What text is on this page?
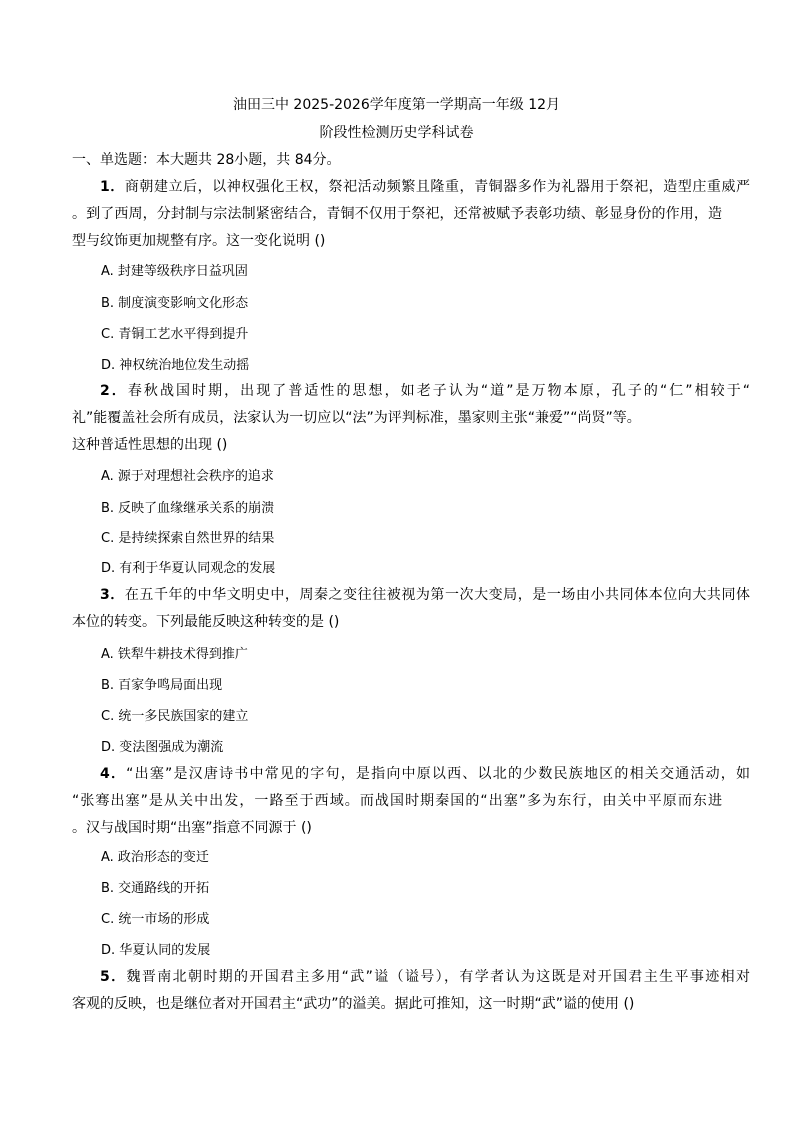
油田三中 2025-2026学年度第一学期高一年级 12月
阶段性检测历史学科试卷
一、单选题：本大题共 28小题，共 84分。
1．商朝建立后，以神权强化王权，祭祀活动频繁且隆重，青铜器多作为礼器用于祭祀，造型庄重威严
。到了西周，分封制与宗法制紧密结合，青铜不仅用于祭祀，还常被赋予表彰功绩、彰显身份的作用，造
型与纹饰更加规整有序。这一变化说明 ()
A. 封建等级秩序日益巩固
B. 制度演变影响文化形态
C. 青铜工艺水平得到提升
D. 神权统治地位发生动摇
2．春秋战国时期，出现了普适性的思想，如老子认为“道”是万物本原，孔子的“仁”相较于“
礼”能覆盖社会所有成员，法家认为一切应以“法”为评判标准，墨家则主张“兼爱”“尚贤”等。
这种普适性思想的出现 ()
A. 源于对理想社会秩序的追求
B. 反映了血缘继承关系的崩溃
C. 是持续探索自然世界的结果
D. 有利于华夏认同观念的发展
3．在五千年的中华文明史中，周秦之变往往被视为第一次大变局，是一场由小共同体本位向大共同体
本位的转变。下列最能反映这种转变的是 ()
A. 铁犁牛耕技术得到推广
B. 百家争鸣局面出现
C. 统一多民族国家的建立
D. 变法图强成为潮流
4．“出塞”是汉唐诗书中常见的字句，是指向中原以西、以北的少数民族地区的相关交通活动，如
“张骞出塞”是从关中出发，一路至于西域。而战国时期秦国的“出塞”多为东行，由关中平原而东进
。汉与战国时期“出塞”指意不同源于 ()
A. 政治形态的变迁
B. 交通路线的开拓
C. 统一市场的形成
D. 华夏认同的发展
5．魏晋南北朝时期的开国君主多用“武”谥（谥号），有学者认为这既是对开国君主生平事迹相对
客观的反映，也是继位者对开国君主“武功”的溢美。据此可推知，这一时期“武”谥的使用 ()
